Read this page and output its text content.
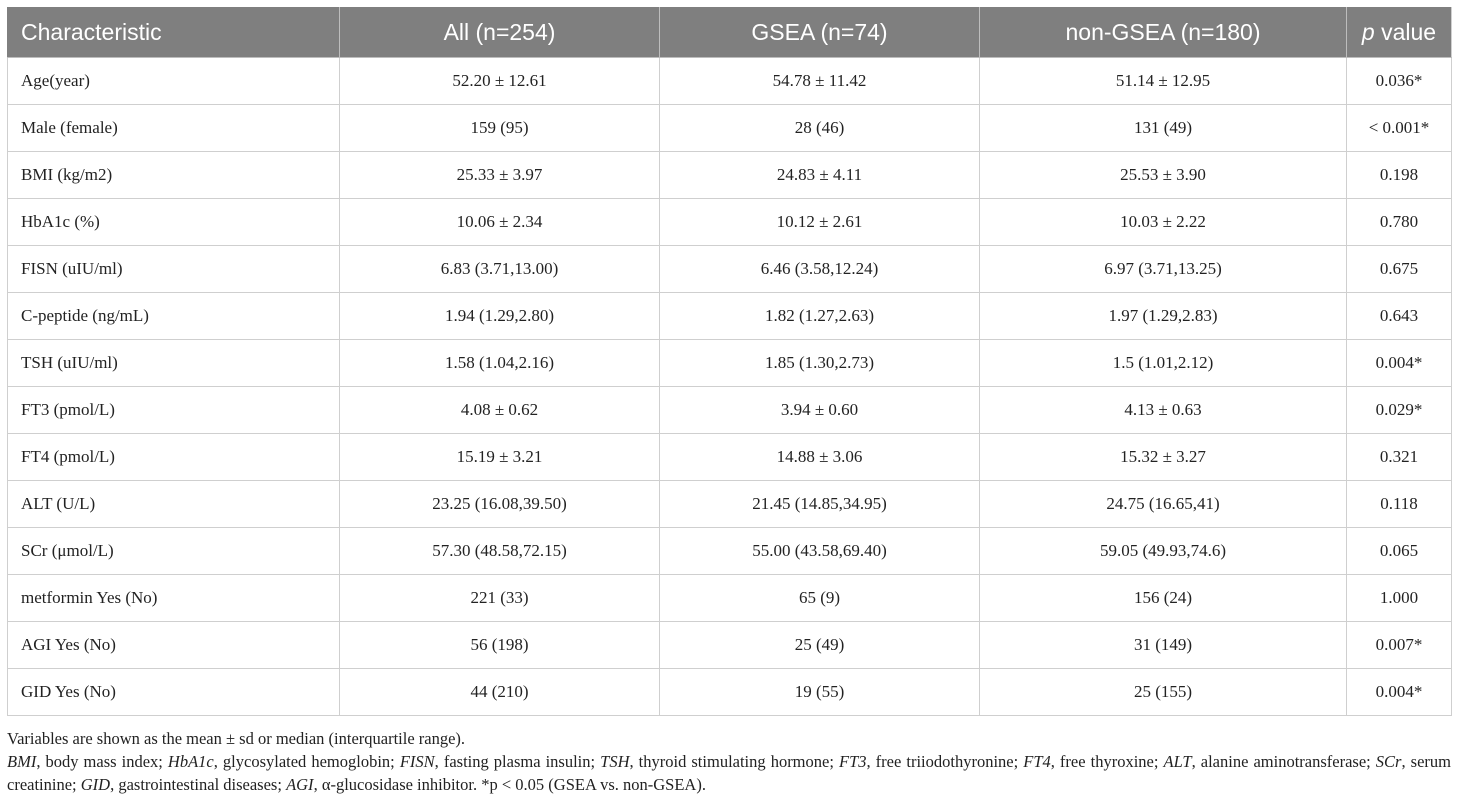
Characteristic	All (n=254)	GSEA (n=74)	non-GSEA (n=180)	p value
Age(year)	52.20 ± 12.61	54.78 ± 11.42	51.14 ± 12.95	0.036*
Male (female)	159 (95)	28 (46)	131 (49)	< 0.001*
BMI (kg/m2)	25.33 ± 3.97	24.83 ± 4.11	25.53 ± 3.90	0.198
HbA1c (%)	10.06 ± 2.34	10.12 ± 2.61	10.03 ± 2.22	0.780
FISN (uIU/ml)	6.83 (3.71,13.00)	6.46 (3.58,12.24)	6.97 (3.71,13.25)	0.675
C-peptide (ng/mL)	1.94 (1.29,2.80)	1.82 (1.27,2.63)	1.97 (1.29,2.83)	0.643
TSH (uIU/ml)	1.58 (1.04,2.16)	1.85 (1.30,2.73)	1.5 (1.01,2.12)	0.004*
FT3 (pmol/L)	4.08 ± 0.62	3.94 ± 0.60	4.13 ± 0.63	0.029*
FT4 (pmol/L)	15.19 ± 3.21	14.88 ± 3.06	15.32 ± 3.27	0.321
ALT (U/L)	23.25 (16.08,39.50)	21.45 (14.85,34.95)	24.75 (16.65,41)	0.118
SCr (μmol/L)	57.30 (48.58,72.15)	55.00 (43.58,69.40)	59.05 (49.93,74.6)	0.065
metformin Yes (No)	221 (33)	65 (9)	156 (24)	1.000
AGI Yes (No)	56 (198)	25 (49)	31 (149)	0.007*
GID Yes (No)	44 (210)	19 (55)	25 (155)	0.004*

Variables are shown as the mean ± sd or median (interquartile range).

BMI, body mass index; HbA1c, glycosylated hemoglobin; FISN, fasting plasma insulin; TSH, thyroid stimulating hormone; FT3, free triiodothyronine; FT4, free thyroxine; ALT, alanine aminotransferase; SCr, serum creatinine; GID, gastrointestinal diseases; AGI, α-glucosidase inhibitor. *p < 0.05 (GSEA vs. non-GSEA).
